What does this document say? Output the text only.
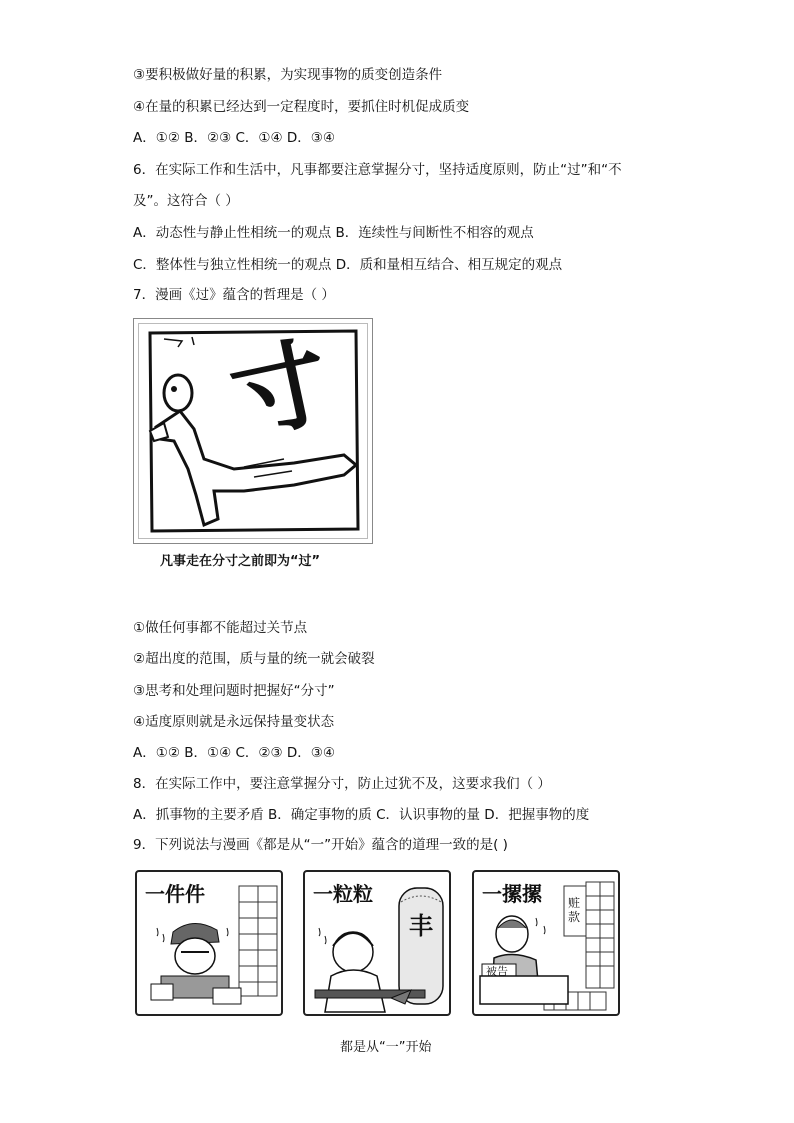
③要积极做好量的积累，为实现事物的质变创造条件
④在量的积累已经达到一定程度时，要抓住时机促成质变
A．①② B．②③ C．①④ D．③④
6．在实际工作和生活中，凡事都要注意掌握分寸，坚持适度原则，防止“过”和“不
及”。这符合（ ）
A．动态性与静止性相统一的观点 B．连续性与间断性不相容的观点
C．整体性与独立性相统一的观点 D．质和量相互结合、相互规定的观点
7．漫画《过》蕴含的哲理是（ ）
寸
凡事走在分寸之前即为“过”
①做任何事都不能超过关节点
②超出度的范围，质与量的统一就会破裂
③思考和处理问题时把握好“分寸”
④适度原则就是永远保持量变状态
A．①② B．①④ C．②③ D．③④
8．在实际工作中，要注意掌握分寸，防止过犹不及，这要求我们（ ）
A．抓事物的主要矛盾 B．确定事物的质 C．认识事物的量 D．把握事物的度
9．下列说法与漫画《都是从“一”开始》蕴含的道理一致的是( )
一件件	一粒粒
丰
一摞摞 赃款
被告
都是从“一”开始
